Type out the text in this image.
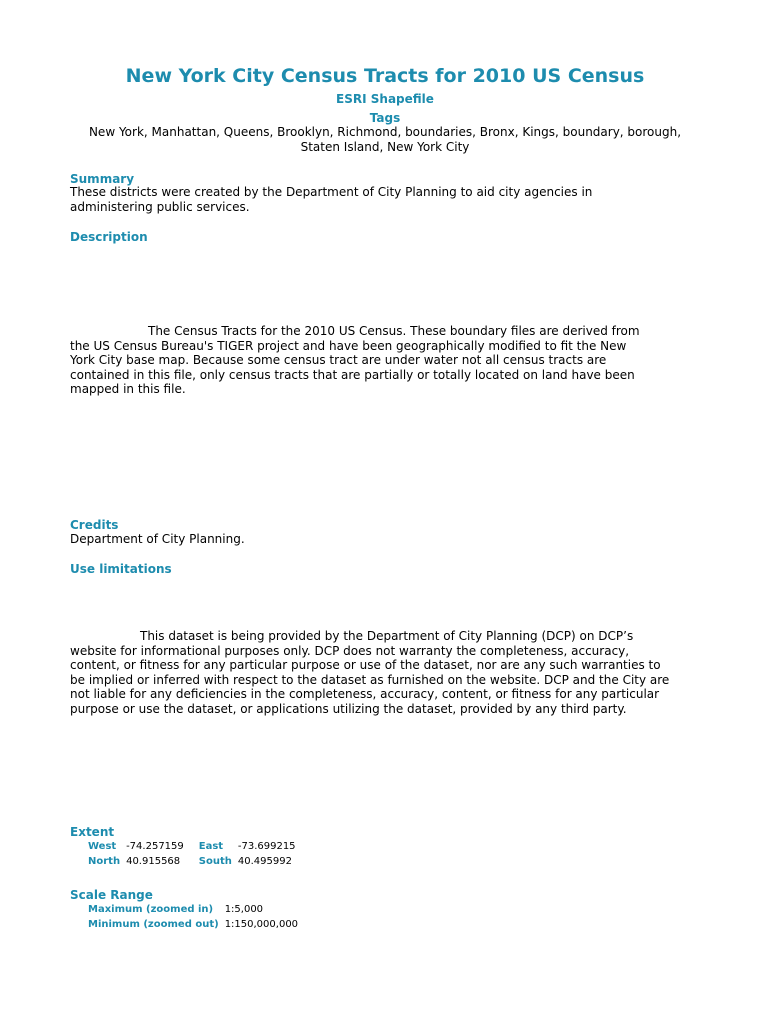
New York City Census Tracts for 2010 US Census
ESRI Shapefile
Tags
New York, Manhattan, Queens, Brooklyn, Richmond, boundaries, Bronx, Kings, boundary, borough, Staten Island, New York City
Summary

These districts were created by the Department of City Planning to aid city agencies in administering public services.

Description

The Census Tracts for the 2010 US Census. These boundary files are derived from the US Census Bureau's TIGER project and have been geographically modified to fit the New York City base map. Because some census tract are under water not all census tracts are contained in this file, only census tracts that are partially or totally located on land have been mapped in this file.

Credits

Department of City Planning.

Use limitations

This dataset is being provided by the Department of City Planning (DCP) on DCP’s website for informational purposes only. DCP does not warranty the completeness, accuracy, content, or fitness for any particular purpose or use of the dataset, nor are any such warranties to be implied or inferred with respect to the dataset as furnished on the website. DCP and the City are not liable for any deficiencies in the completeness, accuracy, content, or fitness for any particular purpose or use the dataset, or applications utilizing the dataset, provided by any third party.

Extent
West	-74.257159	East	-73.699215
North	40.915568	South	40.495992
Scale Range
Maximum (zoomed in)	1:5,000
Minimum (zoomed out)	1:150,000,000
